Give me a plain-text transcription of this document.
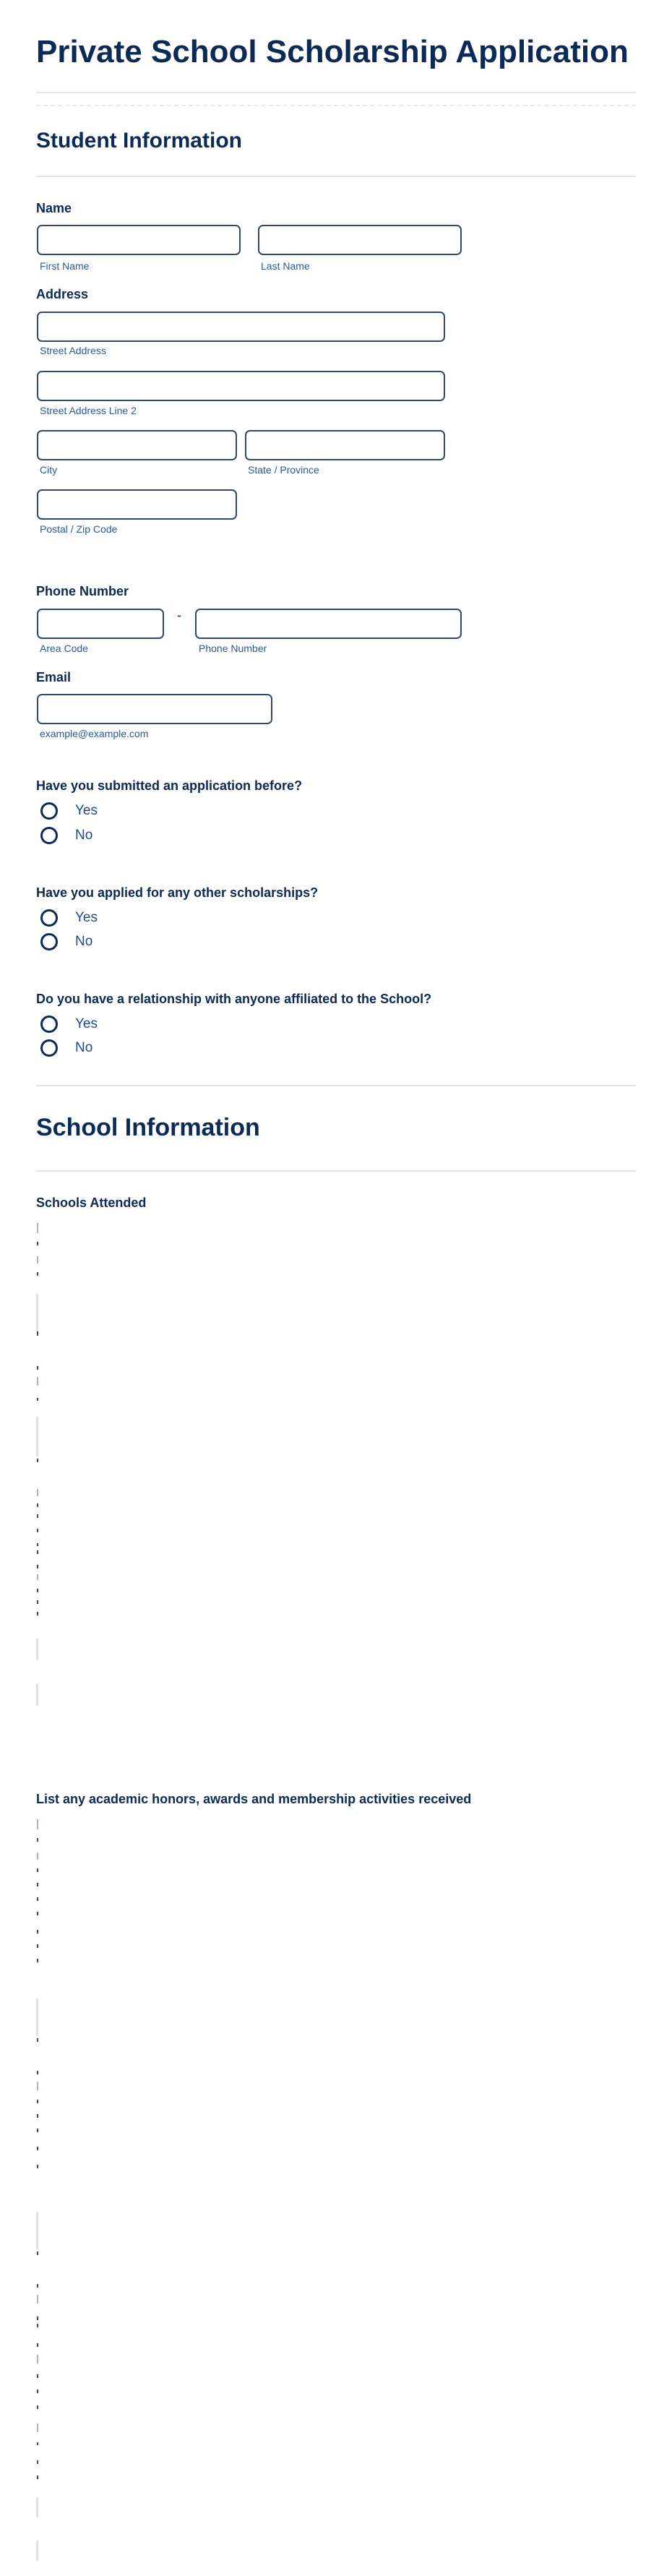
Private School Scholarship Application
Student Information
Name
First Name	Last Name
Address
Street Address
Street Address Line 2
City	State / Province
Postal / Zip Code
Phone Number
-
Area Code	Phone Number
Email
example@example.com
Have you submitted an application before?
Yes
No
Have you applied for any other scholarships?
Yes
No
Do you have a relationship with anyone affiliated to the School?
Yes
No
School Information
Schools Attended
List any academic honors, awards and membership activities received
